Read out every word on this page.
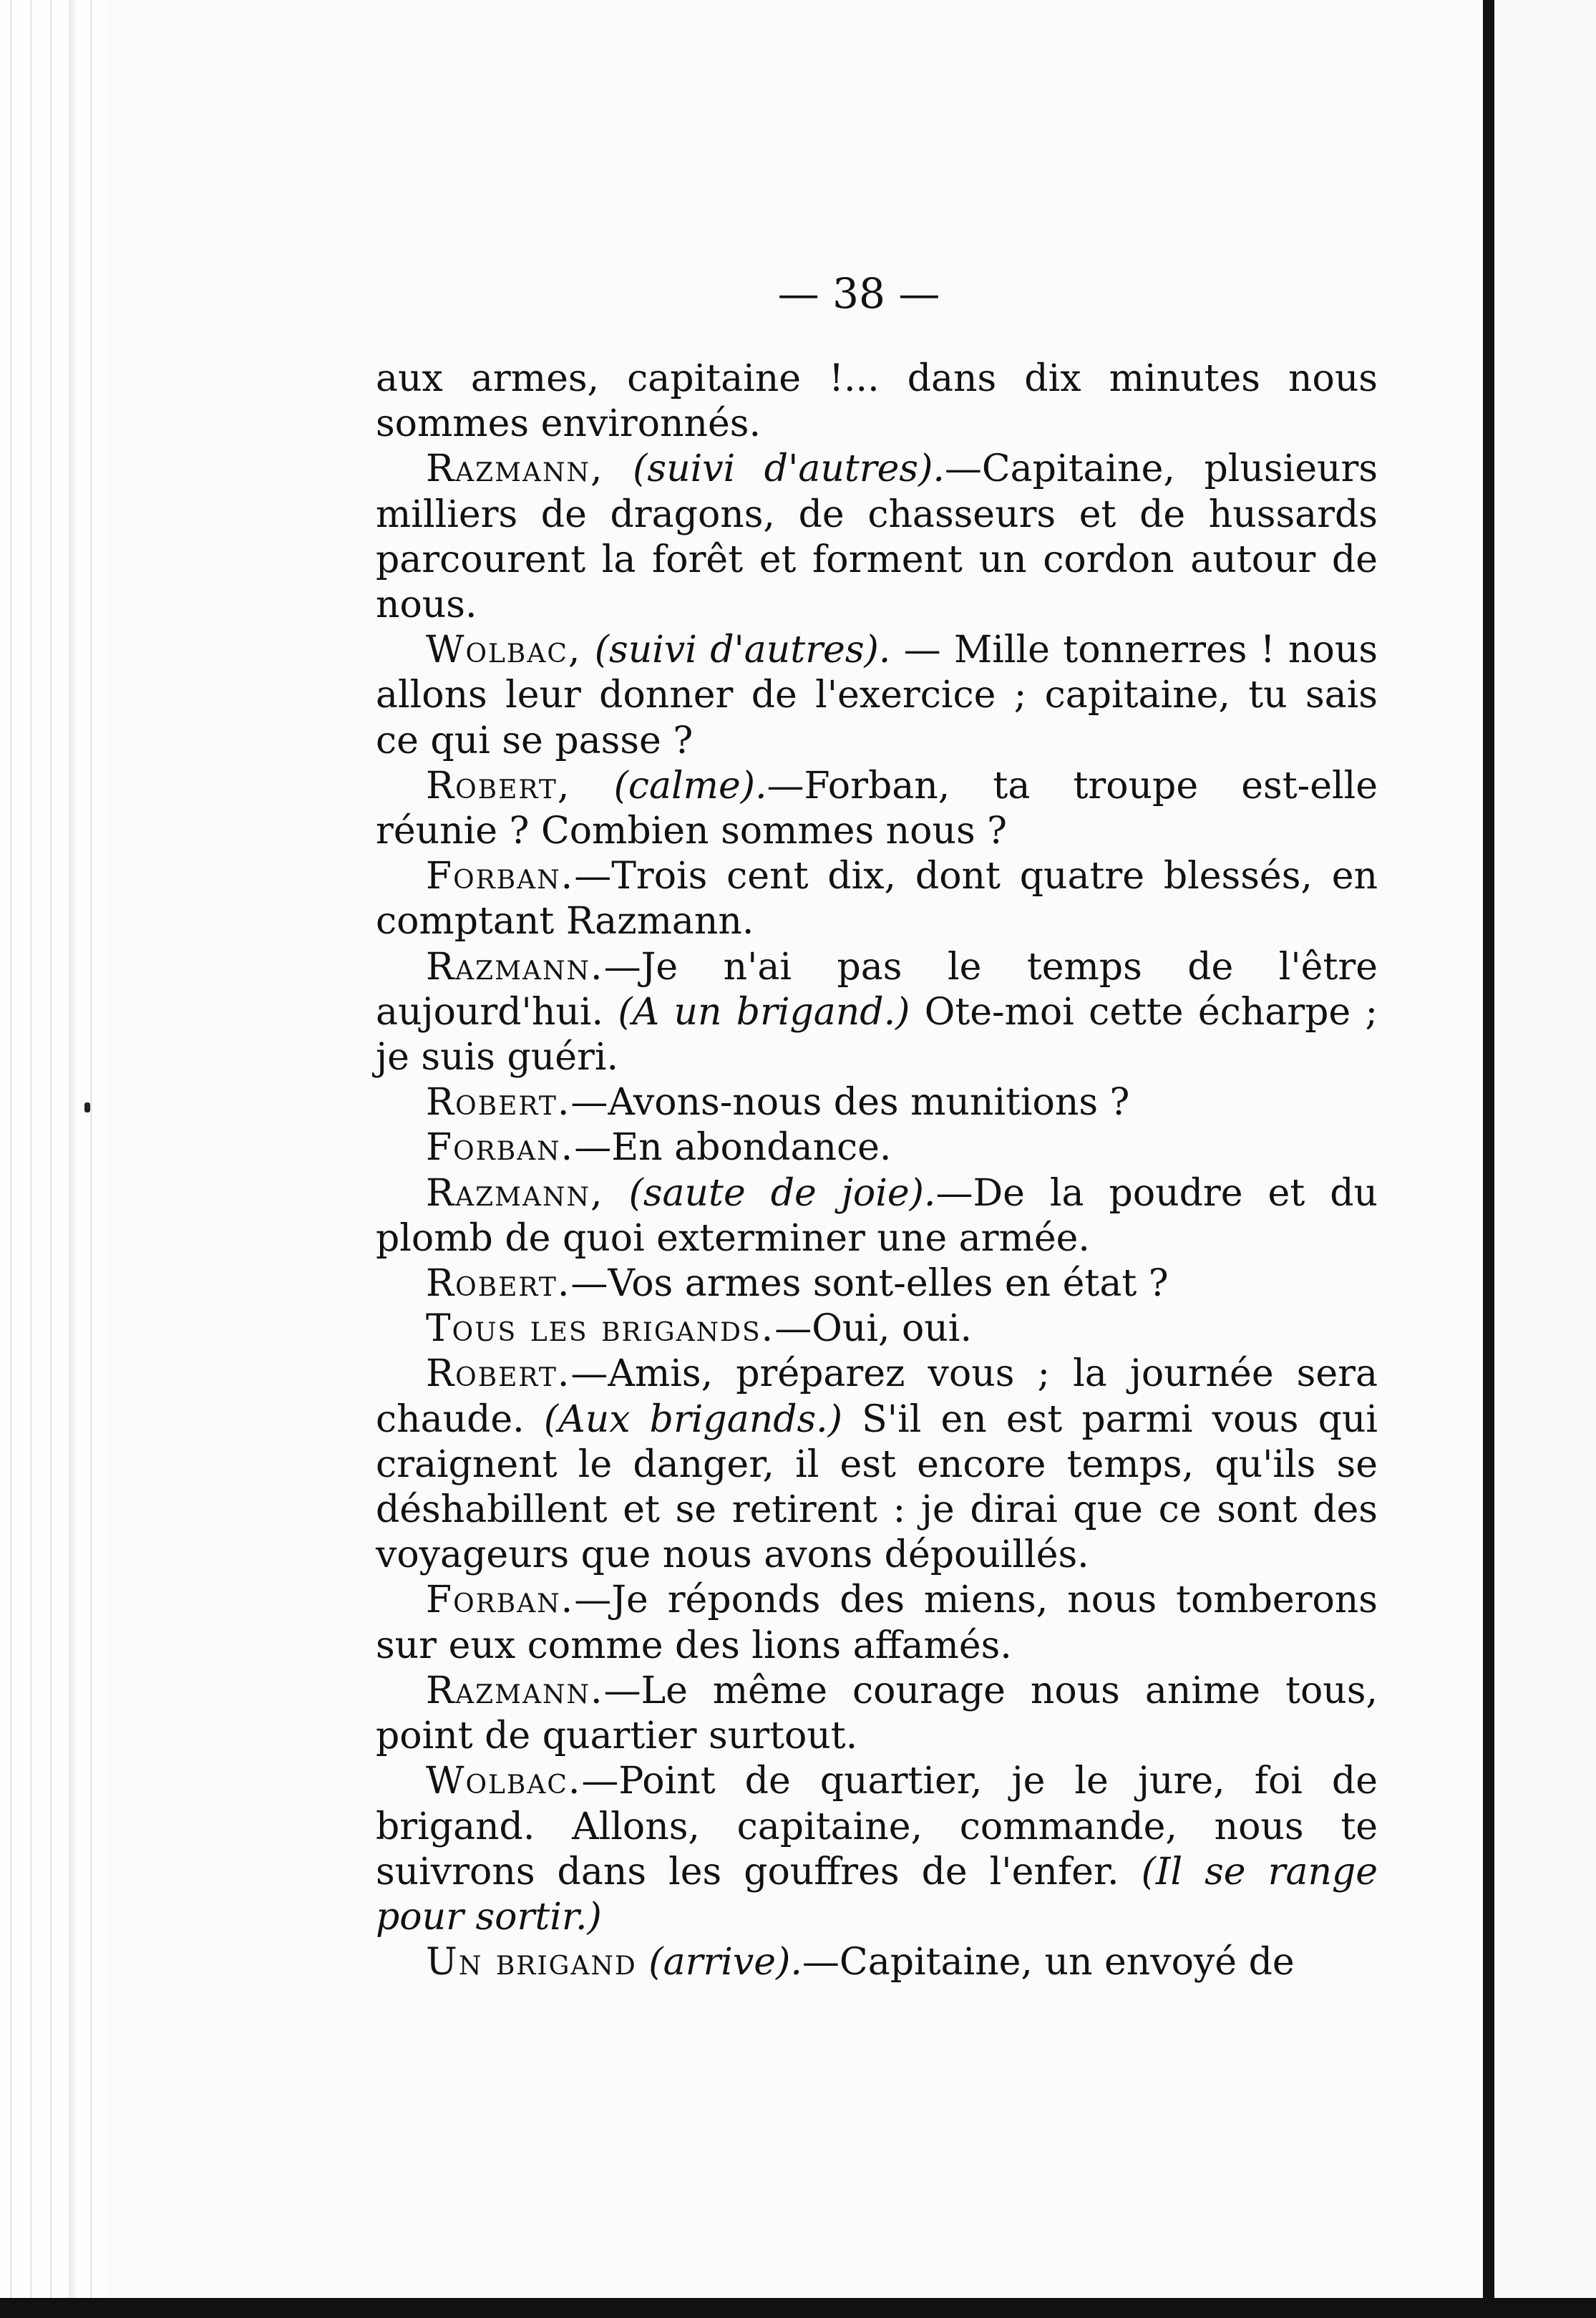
— 38 —

aux armes, capitaine !... dans dix minutes nous sommes environnés.

Razmann, (suivi d'autres).—Capitaine, plusieurs milliers de dragons, de chasseurs et de hussards parcourent la forêt et forment un cordon autour de nous.

Wolbac, (suivi d'autres). — Mille tonnerres ! nous allons leur donner de l'exercice ; capitaine, tu sais ce qui se passe ?

Robert, (calme).—Forban, ta troupe est-elle réunie ? Combien sommes nous ?

Forban.—Trois cent dix, dont quatre blessés, en comptant Razmann.

Razmann.—Je n'ai pas le temps de l'être aujourd'hui. (A un brigand.) Ote-moi cette écharpe ; je suis guéri.

Robert.—Avons-nous des munitions ?

Forban.—En abondance.

Razmann, (saute de joie).—De la poudre et du plomb de quoi exterminer une armée.

Robert.—Vos armes sont-elles en état ?

Tous les brigands.—Oui, oui.

Robert.—Amis, préparez vous ; la journée sera chaude. (Aux brigands.) S'il en est parmi vous qui craignent le danger, il est encore temps, qu'ils se déshabillent et se retirent : je dirai que ce sont des voyageurs que nous avons dépouillés.

Forban.—Je réponds des miens, nous tomberons sur eux comme des lions affamés.

Razmann.—Le même courage nous anime tous, point de quartier surtout.

Wolbac.—Point de quartier, je le jure, foi de brigand. Allons, capitaine, commande, nous te suivrons dans les gouffres de l'enfer. (Il se range pour sortir.)

Un brigand (arrive).—Capitaine, un envoyé de
